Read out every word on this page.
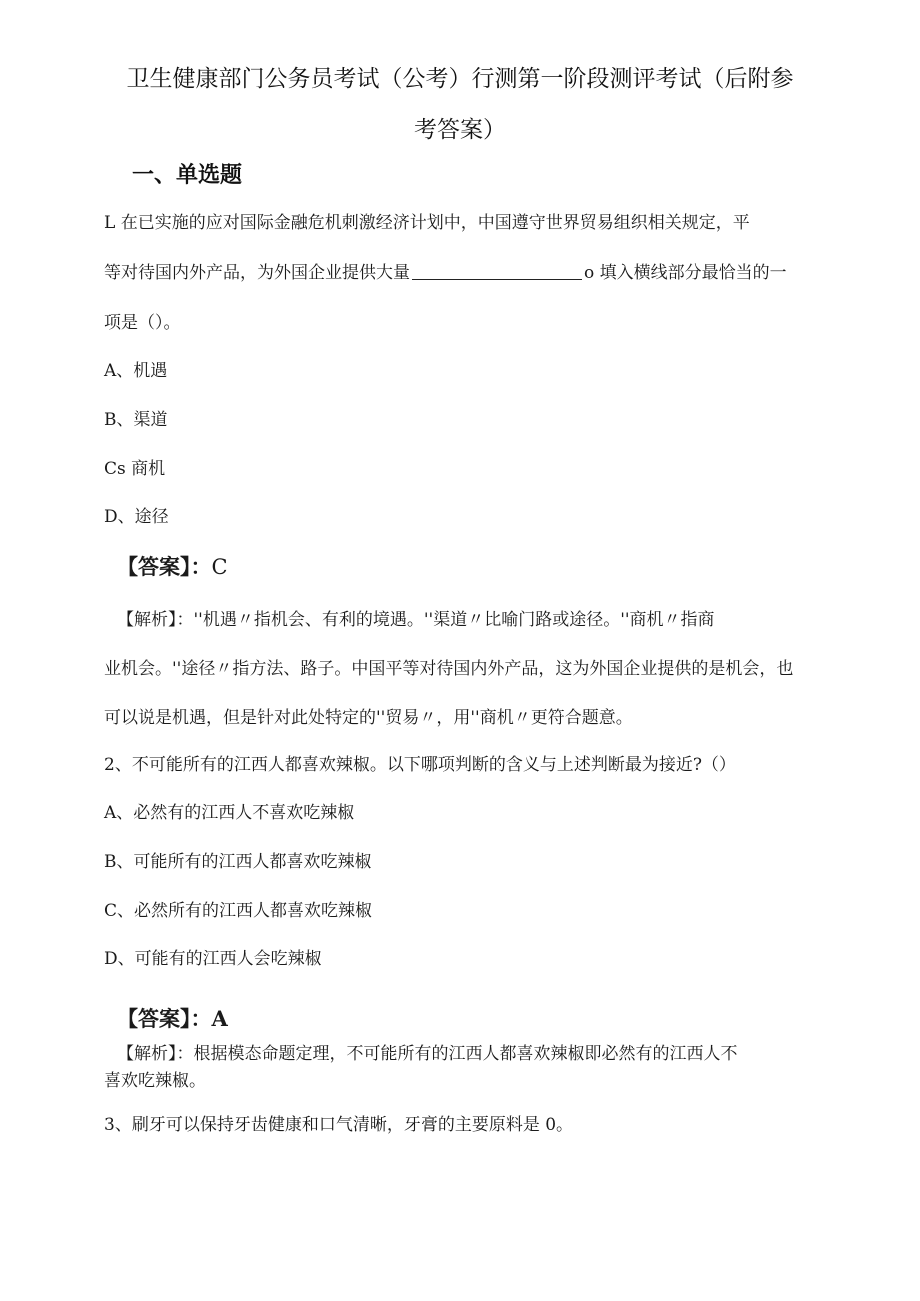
卫生健康部门公务员考试（公考）行测第一阶段测评考试（后附参
考答案）
一、单选题
L 在已实施的应对国际金融危机刺激经济计划中，中国遵守世界贸易组织相关规定，平
等对待国内外产品，为外国企业提供大量	o 填入横线部分最恰当的一
项是（）。
A、机遇
B、渠道
Cs 商机
D、途径
【答案】：C
【解析】：''机遇〃指机会、有利的境遇。''渠道〃比喻门路或途径。''商机〃指商
业机会。''途径〃指方法、路子。中国平等对待国内外产品，这为外国企业提供的是机会，也
可以说是机遇，但是针对此处特定的''贸易〃，用''商机〃更符合题意。
2、不可能所有的江西人都喜欢辣椒。以下哪项判断的含义与上述判断最为接近?（）
A、必然有的江西人不喜欢吃辣椒
B、可能所有的江西人都喜欢吃辣椒
C、必然所有的江西人都喜欢吃辣椒
D、可能有的江西人会吃辣椒
【答案】：A
【解析】：根据模态命题定理，不可能所有的江西人都喜欢辣椒即必然有的江西人不
喜欢吃辣椒。
3、刷牙可以保持牙齿健康和口气清晰，牙膏的主要原料是 0。
